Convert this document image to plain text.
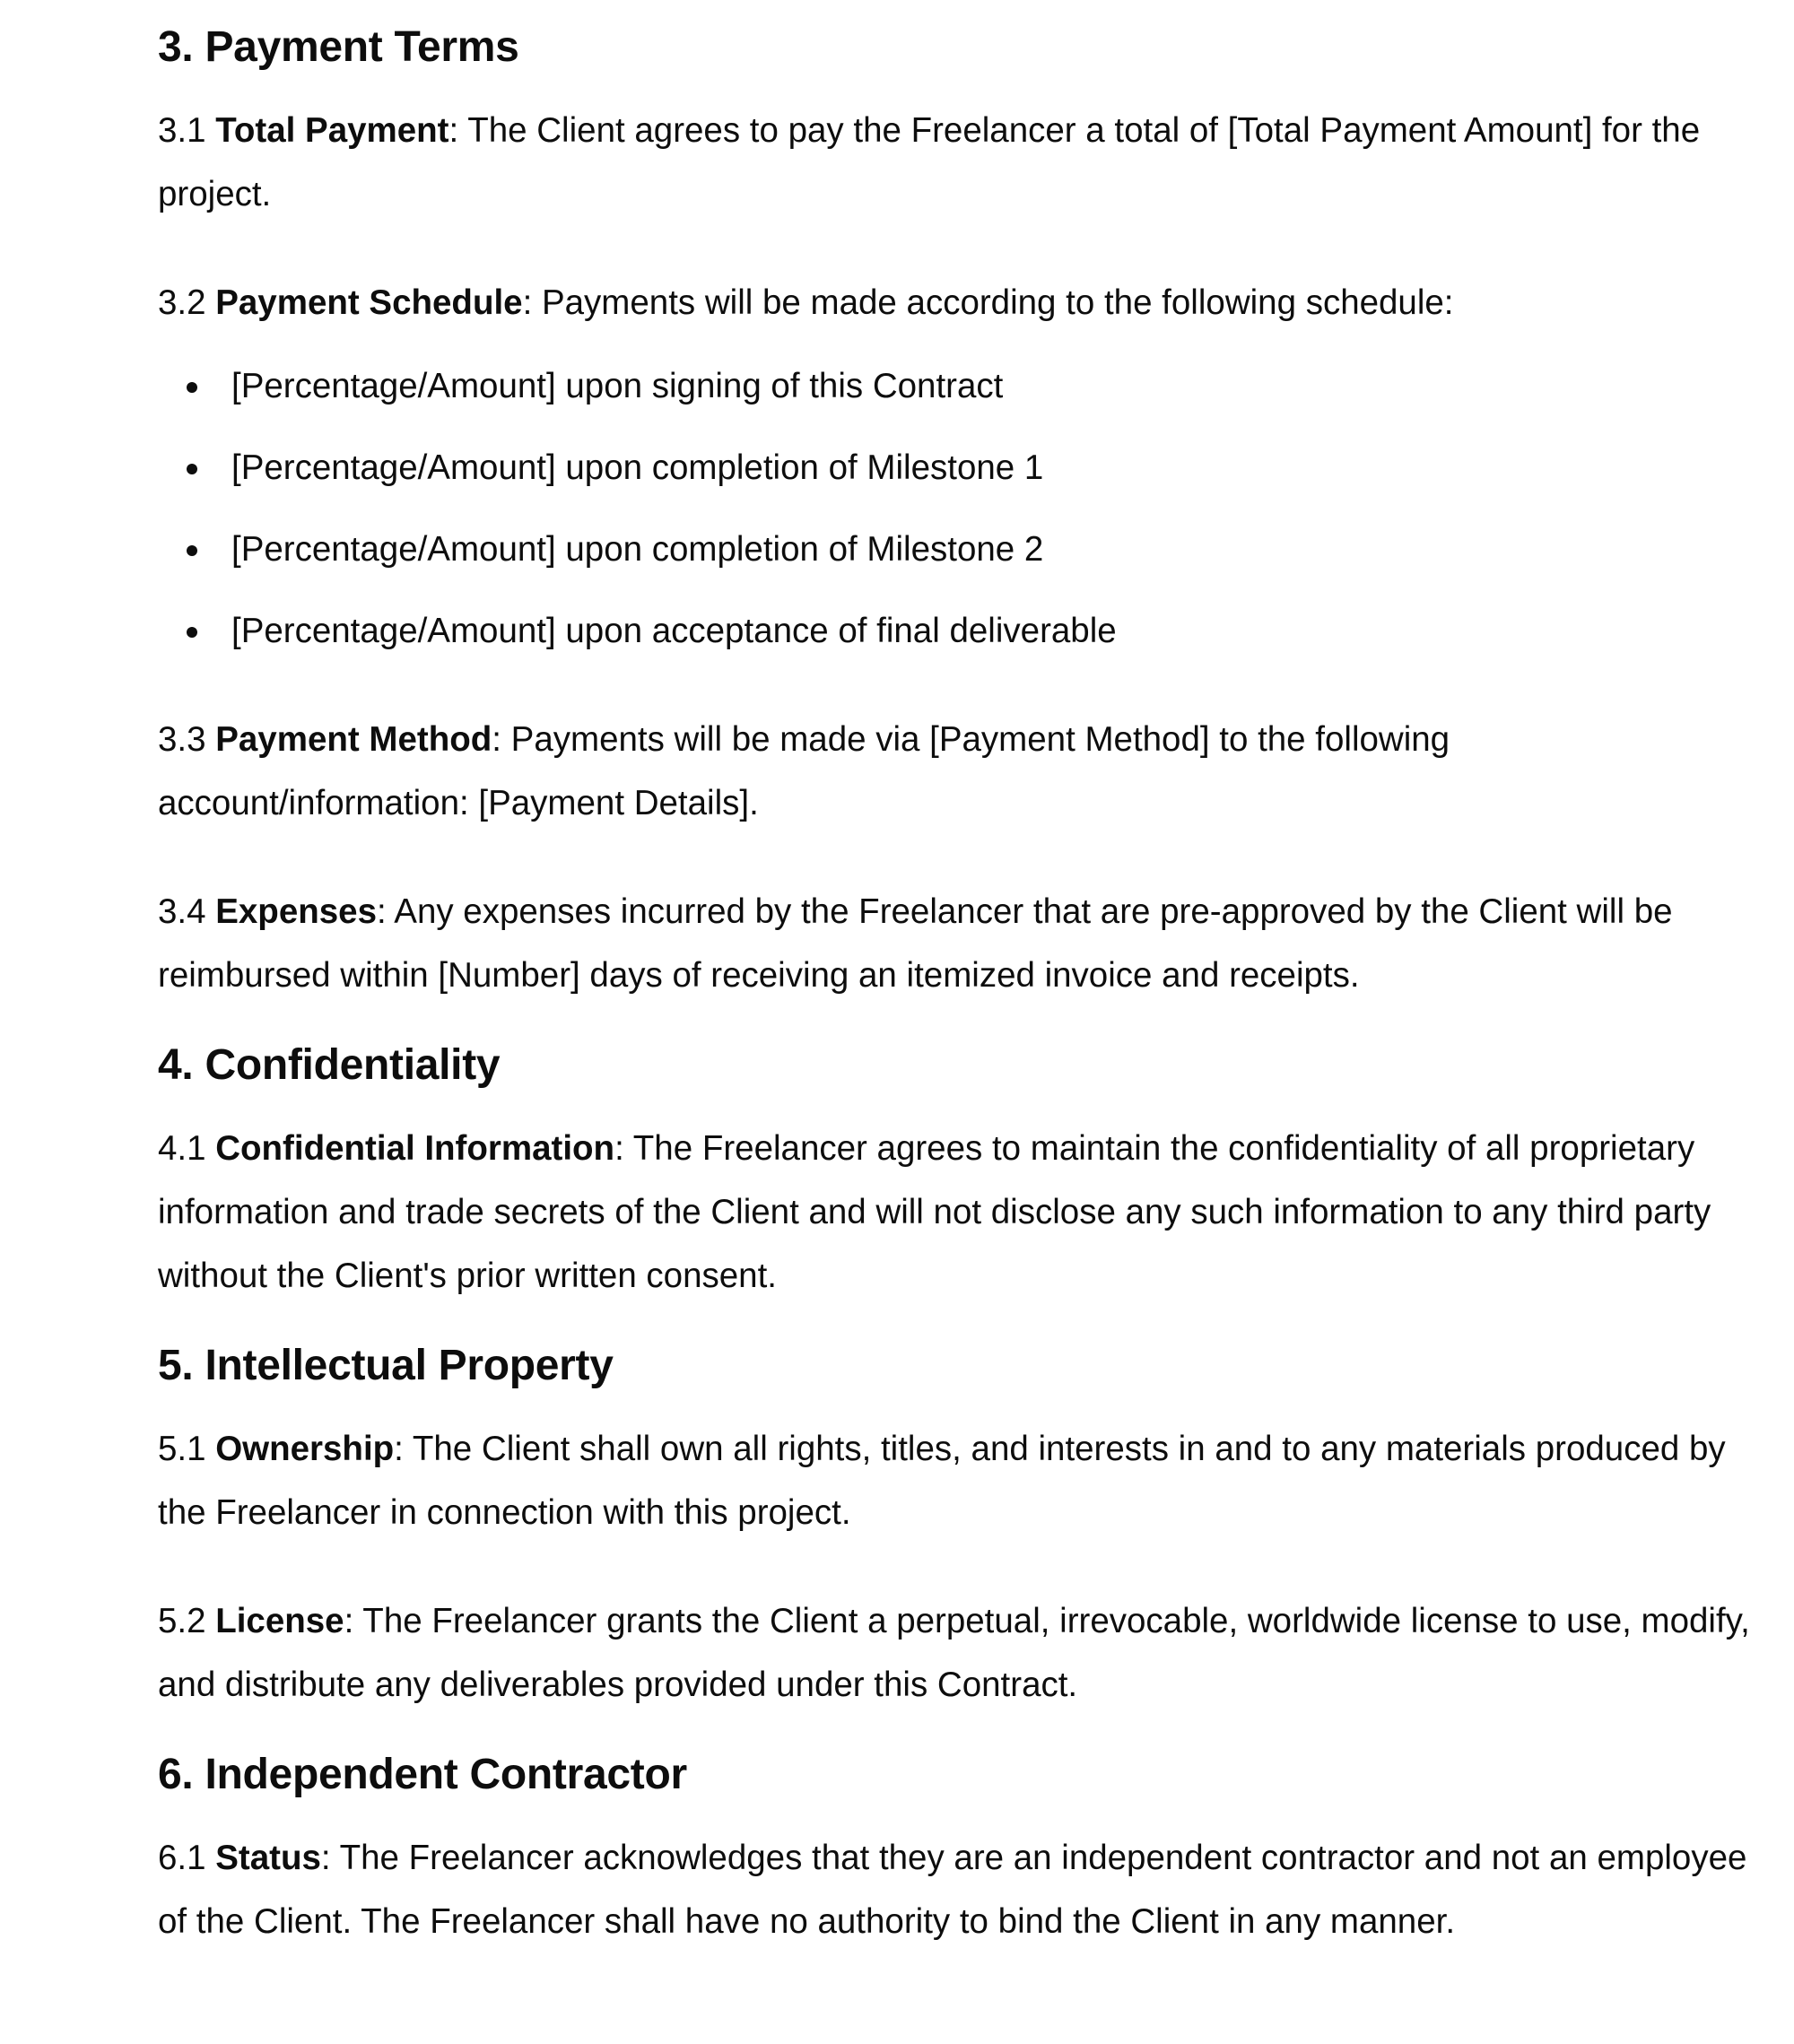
3. Payment Terms

3.1 Total Payment: The Client agrees to pay the Freelancer a total of [Total Payment Amount] for the project.

3.2 Payment Schedule: Payments will be made according to the following schedule:

[Percentage/Amount] upon signing of this Contract
[Percentage/Amount] upon completion of Milestone 1
[Percentage/Amount] upon completion of Milestone 2
[Percentage/Amount] upon acceptance of final deliverable

3.3 Payment Method: Payments will be made via [Payment Method] to the following account/information: [Payment Details].

3.4 Expenses: Any expenses incurred by the Freelancer that are pre-approved by the Client will be reimbursed within [Number] days of receiving an itemized invoice and receipts.

4. Confidentiality

4.1 Confidential Information: The Freelancer agrees to maintain the confidentiality of all proprietary information and trade secrets of the Client and will not disclose any such information to any third party without the Client's prior written consent.

5. Intellectual Property

5.1 Ownership: The Client shall own all rights, titles, and interests in and to any materials produced by the Freelancer in connection with this project.

5.2 License: The Freelancer grants the Client a perpetual, irrevocable, worldwide license to use, modify, and distribute any deliverables provided under this Contract.

6. Independent Contractor

6.1 Status: The Freelancer acknowledges that they are an independent contractor and not an employee of the Client. The Freelancer shall have no authority to bind the Client in any manner.
